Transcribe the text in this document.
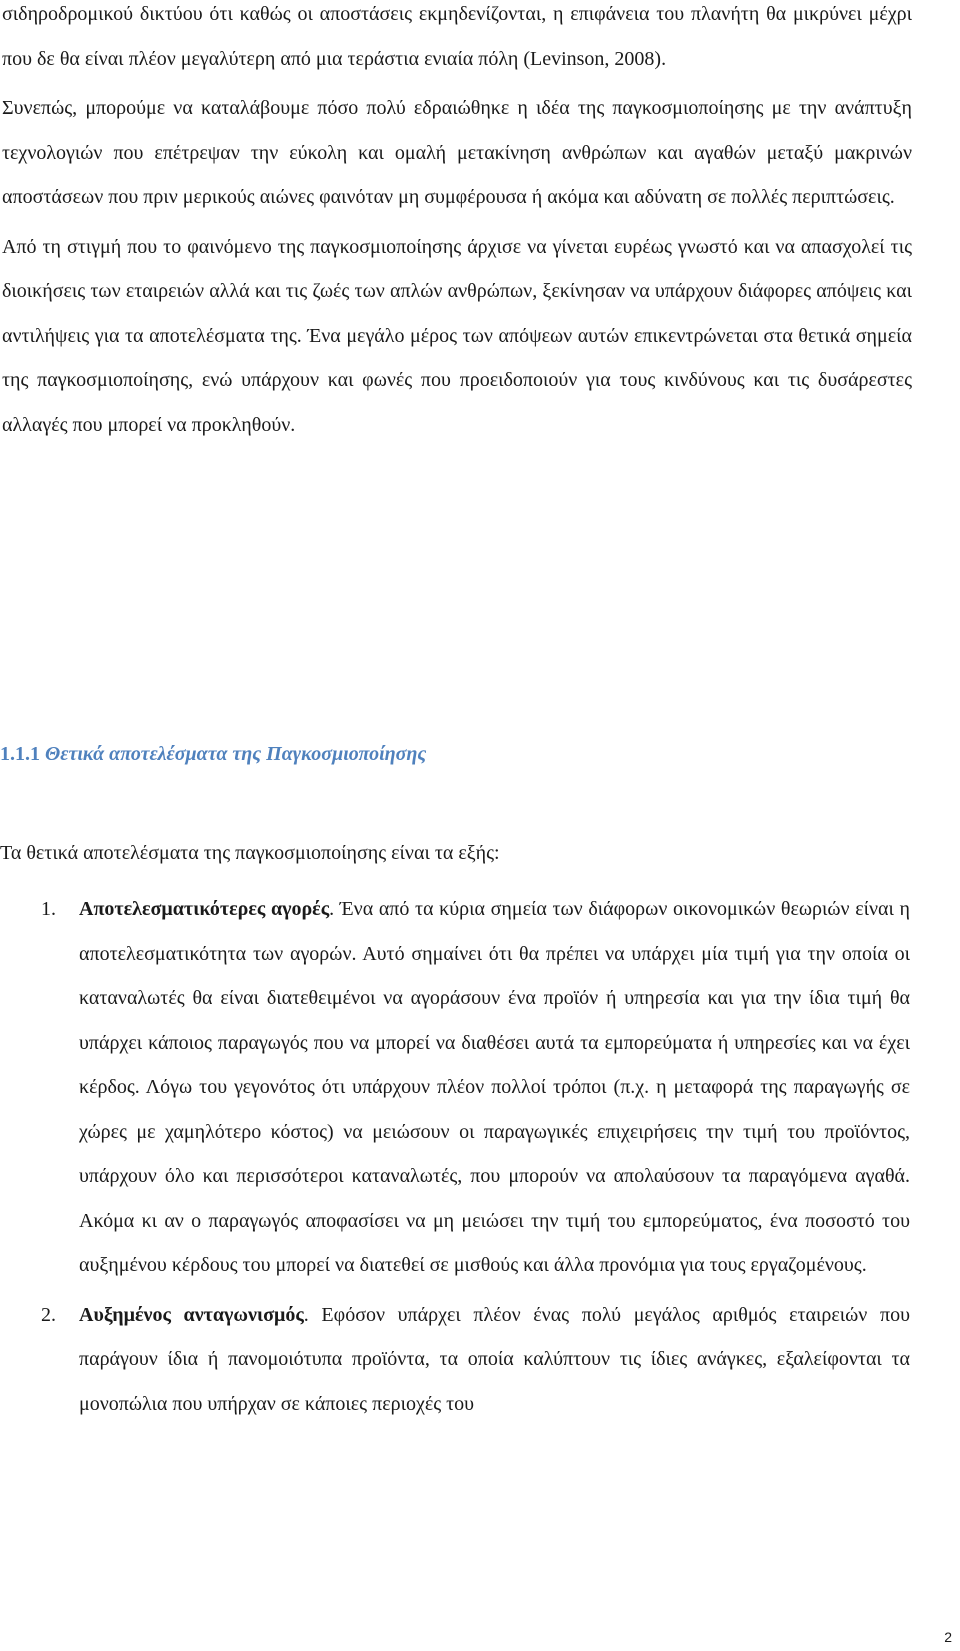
σιδηροδρομικού δικτύου ότι καθώς οι αποστάσεις εκμηδενίζονται, η επιφάνεια του πλανήτη θα μικρύνει μέχρι που δε θα είναι πλέον μεγαλύτερη από μια τεράστια ενιαία πόλη (Levinson, 2008).

Συνεπώς, μπορούμε να καταλάβουμε πόσο πολύ εδραιώθηκε η ιδέα της παγκοσμιοποίησης με την ανάπτυξη τεχνολογιών που επέτρεψαν την εύκολη και ομαλή μετακίνηση ανθρώπων και αγαθών μεταξύ μακρινών αποστάσεων που πριν μερικούς αιώνες φαινόταν μη συμφέρουσα ή ακόμα και αδύνατη σε πολλές περιπτώσεις.

Από τη στιγμή που το φαινόμενο της παγκοσμιοποίησης άρχισε να γίνεται ευρέως γνωστό και να απασχολεί τις διοικήσεις των εταιρειών αλλά και τις ζωές των απλών ανθρώπων, ξεκίνησαν να υπάρχουν διάφορες απόψεις και αντιλήψεις για τα αποτελέσματα της. Ένα μεγάλο μέρος των απόψεων αυτών επικεντρώνεται στα θετικά σημεία της παγκοσμιοποίησης, ενώ υπάρχουν και φωνές που προειδοποιούν για τους κινδύνους και τις δυσάρεστες αλλαγές που μπορεί να προκληθούν.

1.1.1 Θετικά αποτελέσματα της Παγκοσμιοποίησης

Τα θετικά αποτελέσματα της παγκοσμιοποίησης είναι τα εξής:

1.	Αποτελεσματικότερες αγορές. Ένα από τα κύρια σημεία των διάφορων οικονομικών θεωριών είναι η αποτελεσματικότητα των αγορών. Αυτό σημαίνει ότι θα πρέπει να υπάρχει μία τιμή για την οποία οι καταναλωτές θα είναι διατεθειμένοι να αγοράσουν ένα προϊόν ή υπηρεσία και για την ίδια τιμή θα υπάρχει κάποιος παραγωγός που να μπορεί να διαθέσει αυτά τα εμπορεύματα ή υπηρεσίες και να έχει κέρδος. Λόγω του γεγονότος ότι υπάρχουν πλέον πολλοί τρόποι (π.χ. η μεταφορά της παραγωγής σε χώρες με χαμηλότερο κόστος) να μειώσουν οι παραγωγικές επιχειρήσεις την τιμή του προϊόντος, υπάρχουν όλο και περισσότεροι καταναλωτές, που μπορούν να απολαύσουν τα παραγόμενα αγαθά. Ακόμα κι αν ο παραγωγός αποφασίσει να μη μειώσει την τιμή του εμπορεύματος, ένα ποσοστό του αυξημένου κέρδους του μπορεί να διατεθεί σε μισθούς και άλλα προνόμια για τους εργαζομένους.
2.	Αυξημένος ανταγωνισμός. Εφόσον υπάρχει πλέον ένας πολύ μεγάλος αριθμός εταιρειών που παράγουν ίδια ή πανομοιότυπα προϊόντα, τα οποία καλύπτουν τις ίδιες ανάγκες, εξαλείφονται τα μονοπώλια που υπήρχαν σε κάποιες περιοχές του
2
